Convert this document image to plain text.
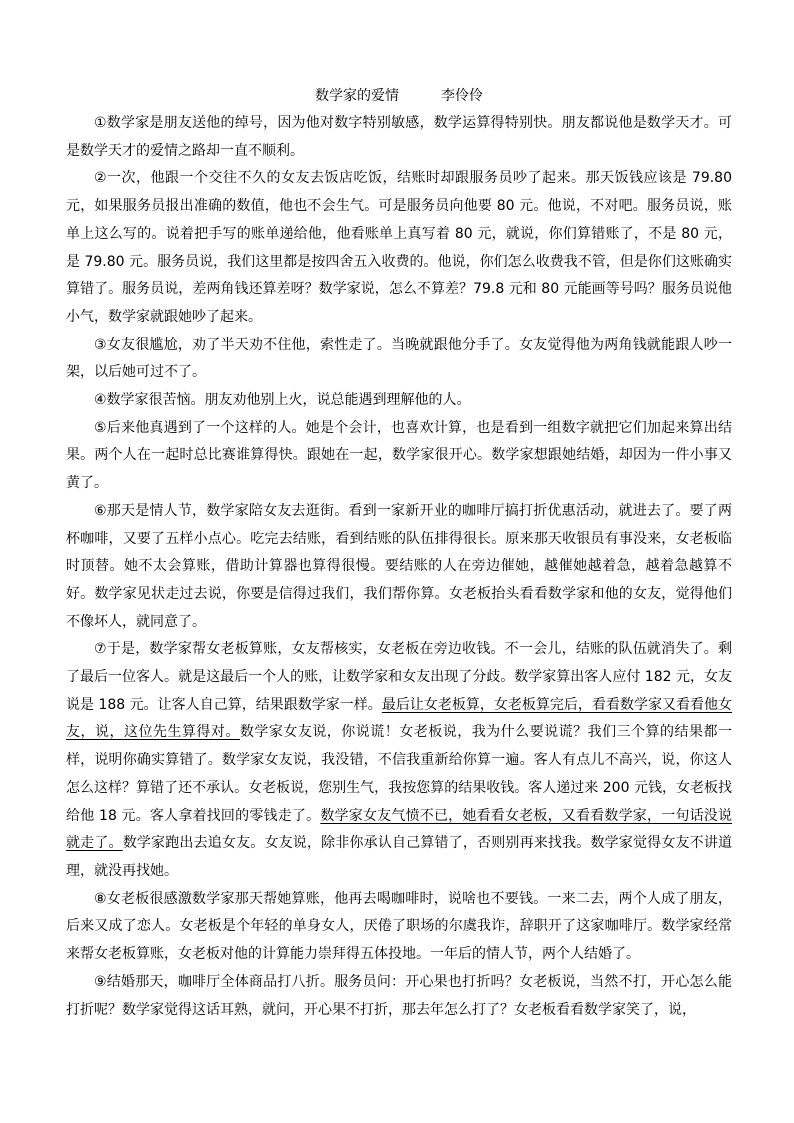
数学家的爱情	李伶伶

①数学家是朋友送他的绰号，因为他对数字特别敏感，数学运算得特别快。朋友都说他是数学天才。可是数学天才的爱情之路却一直不顺利。

②一次，他跟一个交往不久的女友去饭店吃饭，结账时却跟服务员吵了起来。那天饭钱应该是 79.80 元，如果服务员报出准确的数值，他也不会生气。可是服务员向他要 80 元。他说，不对吧。服务员说，账单上这么写的。说着把手写的账单递给他，他看账单上真写着 80 元，就说，你们算错账了，不是 80 元，是 79.80 元。服务员说，我们这里都是按四舍五入收费的。他说，你们怎么收费我不管，但是你们这账确实算错了。服务员说，差两角钱还算差呀？数学家说，怎么不算差？79.8 元和 80 元能画等号吗？服务员说他小气，数学家就跟她吵了起来。

③女友很尴尬，劝了半天劝不住他，索性走了。当晚就跟他分手了。女友觉得他为两角钱就能跟人吵一架，以后她可过不了。

④数学家很苦恼。朋友劝他别上火，说总能遇到理解他的人。

⑤后来他真遇到了一个这样的人。她是个会计，也喜欢计算，也是看到一组数字就把它们加起来算出结果。两个人在一起时总比赛谁算得快。跟她在一起，数学家很开心。数学家想跟她结婚，却因为一件小事又黄了。

⑥那天是情人节，数学家陪女友去逛街。看到一家新开业的咖啡厅搞打折优惠活动，就进去了。要了两杯咖啡，又要了五样小点心。吃完去结账，看到结账的队伍排得很长。原来那天收银员有事没来，女老板临时顶替。她不太会算账，借助计算器也算得很慢。要结账的人在旁边催她，越催她越着急，越着急越算不好。数学家见状走过去说，你要是信得过我们，我们帮你算。女老板抬头看看数学家和他的女友，觉得他们不像坏人，就同意了。

⑦于是，数学家帮女老板算账，女友帮核实，女老板在旁边收钱。不一会儿，结账的队伍就消失了。剩了最后一位客人。就是这最后一个人的账，让数学家和女友出现了分歧。数学家算出客人应付 182 元，女友说是 188 元。让客人自己算，结果跟数学家一样。最后让女老板算，女老板算完后，看看数学家又看看他女友，说，这位先生算得对。数学家女友说，你说谎！女老板说，我为什么要说谎？我们三个算的结果都一样，说明你确实算错了。数学家女友说，我没错，不信我重新给你算一遍。客人有点儿不高兴，说，你这人怎么这样？算错了还不承认。女老板说，您别生气，我按您算的结果收钱。客人递过来 200 元钱，女老板找给他 18 元。客人拿着找回的零钱走了。数学家女友气愤不已，她看看女老板，又看看数学家，一句话没说就走了。数学家跑出去追女友。女友说，除非你承认自己算错了，否则别再来找我。数学家觉得女友不讲道理，就没再找她。

⑧女老板很感激数学家那天帮她算账，他再去喝咖啡时，说啥也不要钱。一来二去，两个人成了朋友，后来又成了恋人。女老板是个年轻的单身女人，厌倦了职场的尔虞我诈，辞职开了这家咖啡厅。数学家经常来帮女老板算账，女老板对他的计算能力崇拜得五体投地。一年后的情人节，两个人结婚了。

⑨结婚那天，咖啡厅全体商品打八折。服务员问：开心果也打折吗？女老板说，当然不打，开心怎么能打折呢？数学家觉得这话耳熟，就问，开心果不打折，那去年怎么打了？女老板看看数学家笑了，说，
